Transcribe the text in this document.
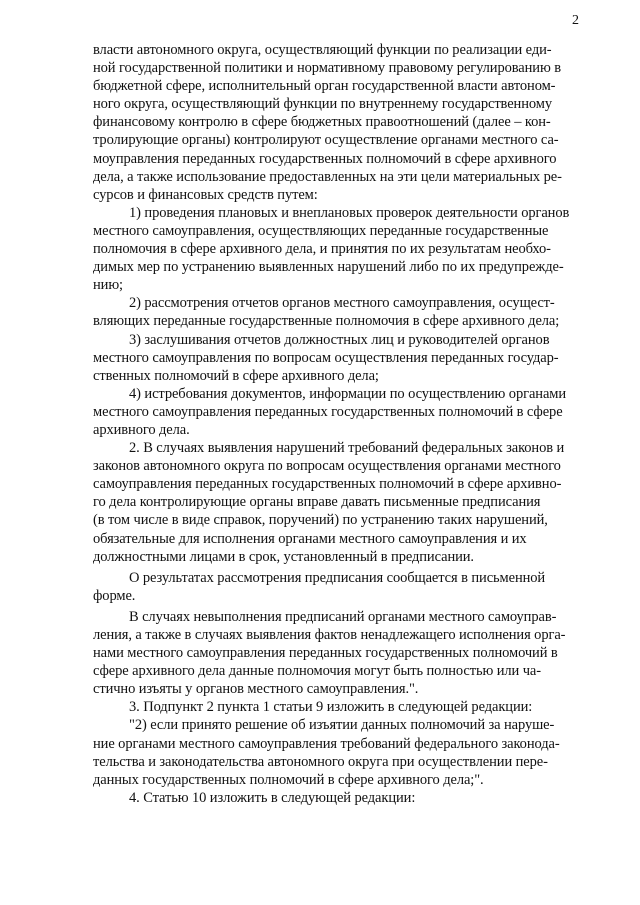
2
власти автономного округа, осуществляющий функции по реализации еди-
ной государственной политики и нормативному правовому регулированию в
бюджетной сфере, исполнительный орган государственной власти автоном-
ного округа, осуществляющий функции по внутреннему государственному
финансовому контролю в сфере бюджетных правоотношений (далее – кон-
тролирующие органы) контролируют осуществление органами местного са-
моуправления переданных государственных полномочий в сфере архивного
дела, а также использование предоставленных на эти цели материальных ре-
сурсов и финансовых средств путем:
1) проведения плановых и внеплановых проверок деятельности органов
местного самоуправления, осуществляющих переданные государственные
полномочия в сфере архивного дела, и принятия по их результатам необхо-
димых мер по устранению выявленных нарушений либо по их предупрежде-
нию;
2) рассмотрения отчетов органов местного самоуправления, осущест-
вляющих переданные государственные полномочия в сфере архивного дела;
3) заслушивания отчетов должностных лиц и руководителей органов
местного самоуправления по вопросам осуществления переданных государ-
ственных полномочий в сфере архивного дела;
4) истребования документов, информации по осуществлению органами
местного самоуправления переданных государственных полномочий в сфере
архивного дела.
2. В случаях выявления нарушений требований федеральных законов и
законов автономного округа по вопросам осуществления органами местного
самоуправления переданных государственных полномочий в сфере архивно-
го дела контролирующие органы вправе давать письменные предписания
(в том числе в виде справок, поручений) по устранению таких нарушений,
обязательные для исполнения органами местного самоуправления и их
должностными лицами в срок, установленный в предписании.
О результатах рассмотрения предписания сообщается в письменной
форме.
В случаях невыполнения предписаний органами местного самоуправ-
ления, а также в случаях выявления фактов ненадлежащего исполнения орга-
нами местного самоуправления переданных государственных полномочий в
сфере архивного дела данные полномочия могут быть полностью или ча-
стично изъяты у органов местного самоуправления.".
3. Подпункт 2 пункта 1 статьи 9 изложить в следующей редакции:
"2) если принято решение об изъятии данных полномочий за наруше-
ние органами местного самоуправления требований федерального законода-
тельства и законодательства автономного округа при осуществлении пере-
данных государственных полномочий в сфере архивного дела;".
4. Статью 10 изложить в следующей редакции:
